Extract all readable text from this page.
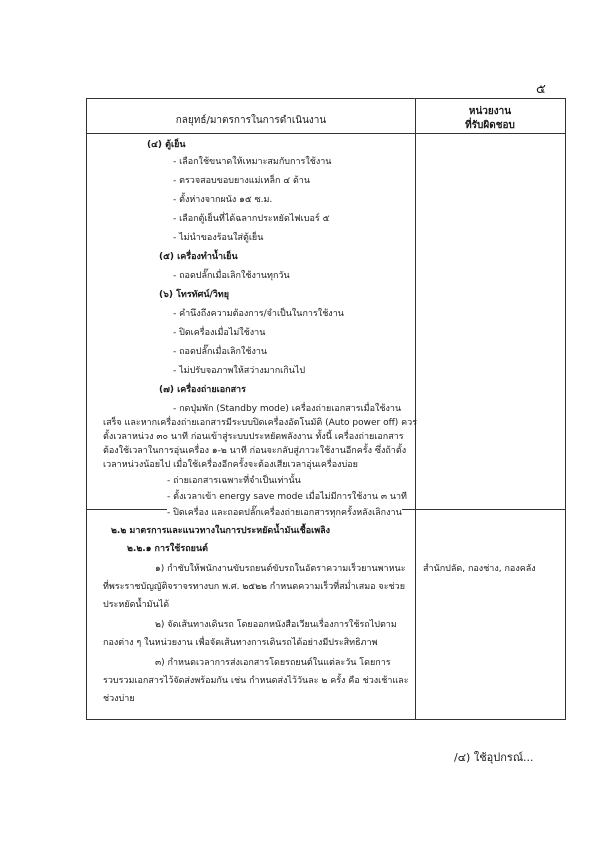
๕
กลยุทธ์/มาตรการในการดำเนินงาน
หน่วยงาน
ที่รับผิดชอบ
(๔) ตู้เย็น
- เลือกใช้ขนาดให้เหมาะสมกับการใช้งาน
- ตรวจสอบขอบยางแม่เหล็ก ๔ ด้าน
- ตั้งห่างจากผนัง ๑๕ ซ.ม.
- เลือกตู้เย็นที่ได้ฉลากประหยัดไฟเบอร์ ๕
- ไม่นำของร้อนใส่ตู้เย็น
(๕) เครื่องทำน้ำเย็น
- ถอดปลั๊กเมื่อเลิกใช้งานทุกวัน
(๖) โทรทัศน์/วิทยุ
- คำนึงถึงความต้องการ/จำเป็นในการใช้งาน
- ปิดเครื่องเมื่อไม่ใช้งาน
- ถอดปลั๊กเมื่อเลิกใช้งาน
- ไม่ปรับจอภาพให้สว่างมากเกินไป
(๗) เครื่องถ่ายเอกสาร
- กดปุ่มพัก (Standby mode) เครื่องถ่ายเอกสารเมื่อใช้งาน
เสร็จ และหากเครื่องถ่ายเอกสารมีระบบปิดเครื่องอัตโนมัติ (Auto power off) ควร
ตั้งเวลาหน่วง ๓๐ นาที ก่อนเข้าสู่ระบบประหยัดพลังงาน ทั้งนี้ เครื่องถ่ายเอกสาร
ต้องใช้เวลาในการอุ่นเครื่อง ๑-๒ นาที ก่อนจะกลับสู่ภาวะใช้งานอีกครั้ง ซึ่งถ้าตั้ง
เวลาหน่วงน้อยไป เมื่อใช้เครื่องอีกครั้งจะต้องเสียเวลาอุ่นเครื่องบ่อย
- ถ่ายเอกสารเฉพาะที่จำเป็นเท่านั้น
- ตั้งเวลาเข้า energy save mode เมื่อไม่มีการใช้งาน ๓ นาที
- ปิดเครื่อง และถอดปลั๊กเครื่องถ่ายเอกสารทุกครั้งหลังเลิกงาน
๒.๒ มาตรการและแนวทางในการประหยัดน้ำมันเชื้อเพลิง
๒.๒.๑ การใช้รถยนต์
สำนักปลัด, กองช่าง, กองคลัง
๑) กำชับให้พนักงานขับรถยนต์ขับรถในอัตราความเร็วยานพาหนะ
ที่พระราชบัญญัติจราจรทางบก พ.ศ. ๒๕๒๒ กำหนดความเร็วที่สม่ำเสมอ จะช่วย
ประหยัดน้ำมันได้
๒) จัดเส้นทางเดินรถ โดยออกหนังสือเวียนเรื่องการใช้รถไปตาม
กองต่าง ๆ ในหน่วยงาน เพื่อจัดเส้นทางการเดินรถได้อย่างมีประสิทธิภาพ
๓) กำหนดเวลาการส่งเอกสารโดยรถยนต์ในแต่ละวัน โดยการ
รวบรวมเอกสารไว้จัดส่งพร้อมกัน เช่น กำหนดส่งไว้วันละ ๒ ครั้ง คือ ช่วงเช้าและ
ช่วงบ่าย
/๔) ใช้อุปกรณ์...
